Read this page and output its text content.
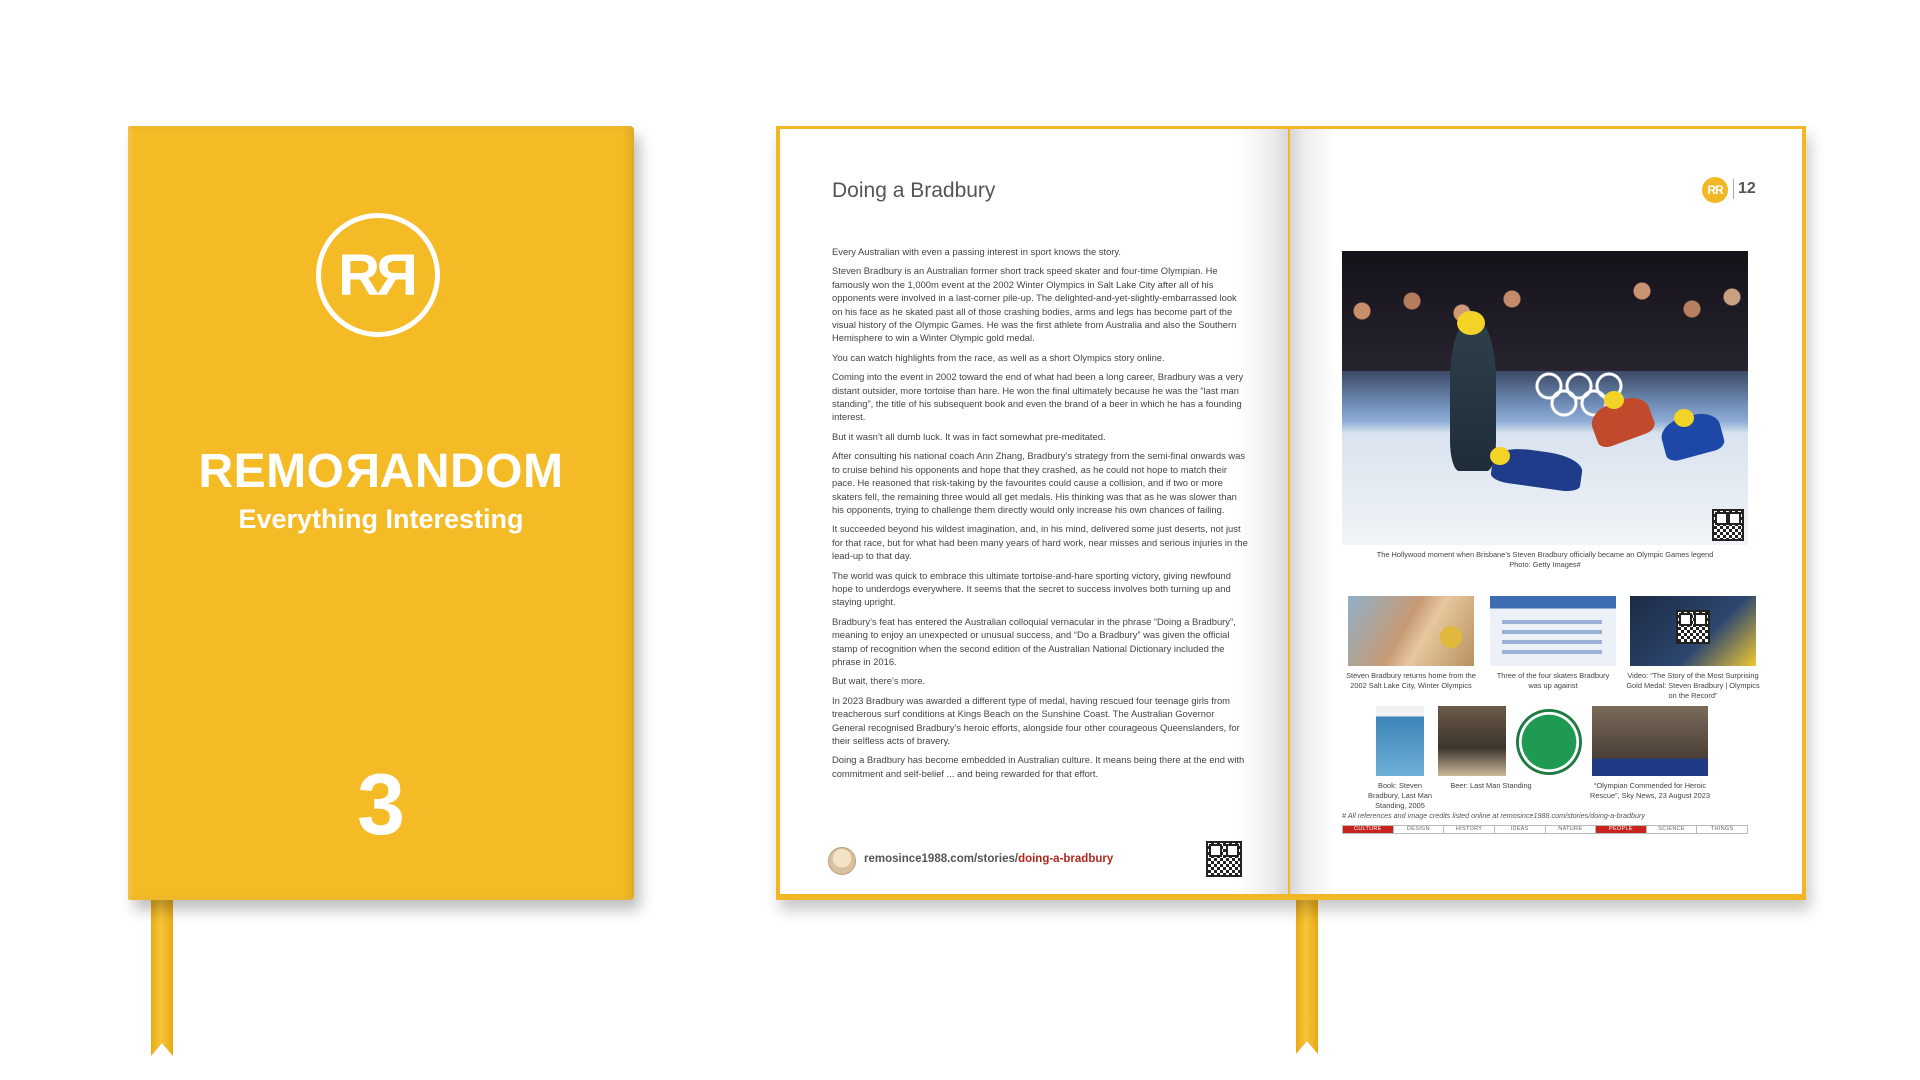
R R
REMORANDOM
Everything Interesting
3
Doing a Bradbury

Every Australian with even a passing interest in sport knows the story.

Steven Bradbury is an Australian former short track speed skater and four-time Olympian. He famously won the 1,000m event at the 2002 Winter Olympics in Salt Lake City after all of his opponents were involved in a last-corner pile-up. The delighted-and-yet-slightly-embarrassed look on his face as he skated past all of those crashing bodies, arms and legs has become part of the visual history of the Olympic Games. He was the first athlete from Australia and also the Southern Hemisphere to win a Winter Olympic gold medal.

You can watch highlights from the race, as well as a short Olympics story online.

Coming into the event in 2002 toward the end of what had been a long career, Bradbury was a very distant outsider, more tortoise than hare. He won the final ultimately because he was the “last man standing”, the title of his subsequent book and even the brand of a beer in which he has a founding interest.

But it wasn’t all dumb luck. It was in fact somewhat pre-meditated.

After consulting his national coach Ann Zhang, Bradbury’s strategy from the semi-final onwards was to cruise behind his opponents and hope that they crashed, as he could not hope to match their pace. He reasoned that risk-taking by the favourites could cause a collision, and if two or more skaters fell, the remaining three would all get medals. His thinking was that as he was slower than his opponents, trying to challenge them directly would only increase his own chances of failing.

It succeeded beyond his wildest imagination, and, in his mind, delivered some just deserts, not just for that race, but for what had been many years of hard work, near misses and serious injuries in the lead-up to that day.

The world was quick to embrace this ultimate tortoise-and-hare sporting victory, giving newfound hope to underdogs everywhere. It seems that the secret to success involves both turning up and staying upright.

Bradbury’s feat has entered the Australian colloquial vernacular in the phrase “Doing a Bradbury”, meaning to enjoy an unexpected or unusual success, and “Do a Bradbury” was given the official stamp of recognition when the second edition of the Australian National Dictionary included the phrase in 2016.

But wait, there’s more.

In 2023 Bradbury was awarded a different type of medal, having rescued four teenage girls from treacherous surf conditions at Kings Beach on the Sunshine Coast. The Australian Governor General recognised Bradbury’s heroic efforts, alongside four other courageous Queenslanders, for their selfless acts of bravery.

Doing a Bradbury has become embedded in Australian culture. It means being there at the end with commitment and self-belief ... and being rewarded for that effort.

remosince1988.com/stories/doing-a-bradbury
RR 12
The Hollywood moment when Brisbane’s Steven Bradbury officially became an Olympic Games legend
Photo: Getty Images#
Steven Bradbury returns home from the 2002 Salt Lake City, Winter Olympics
Three of the four skaters Bradbury was up against
Video: “The Story of the Most Surprising Gold Medal: Steven Bradbury | Olympics on the Record”
Book: Steven Bradbury, Last Man Standing, 2005
Beer: Last Man Standing	“Olympian Commended for Heroic Rescue”, Sky News, 23 August 2023
# All references and image credits listed online at remosince1988.com/stories/doing-a-bradbury
CULTURE	DESIGN	HISTORY	IDEAS	NATURE	PEOPLE	SCIENCE	THINGS
